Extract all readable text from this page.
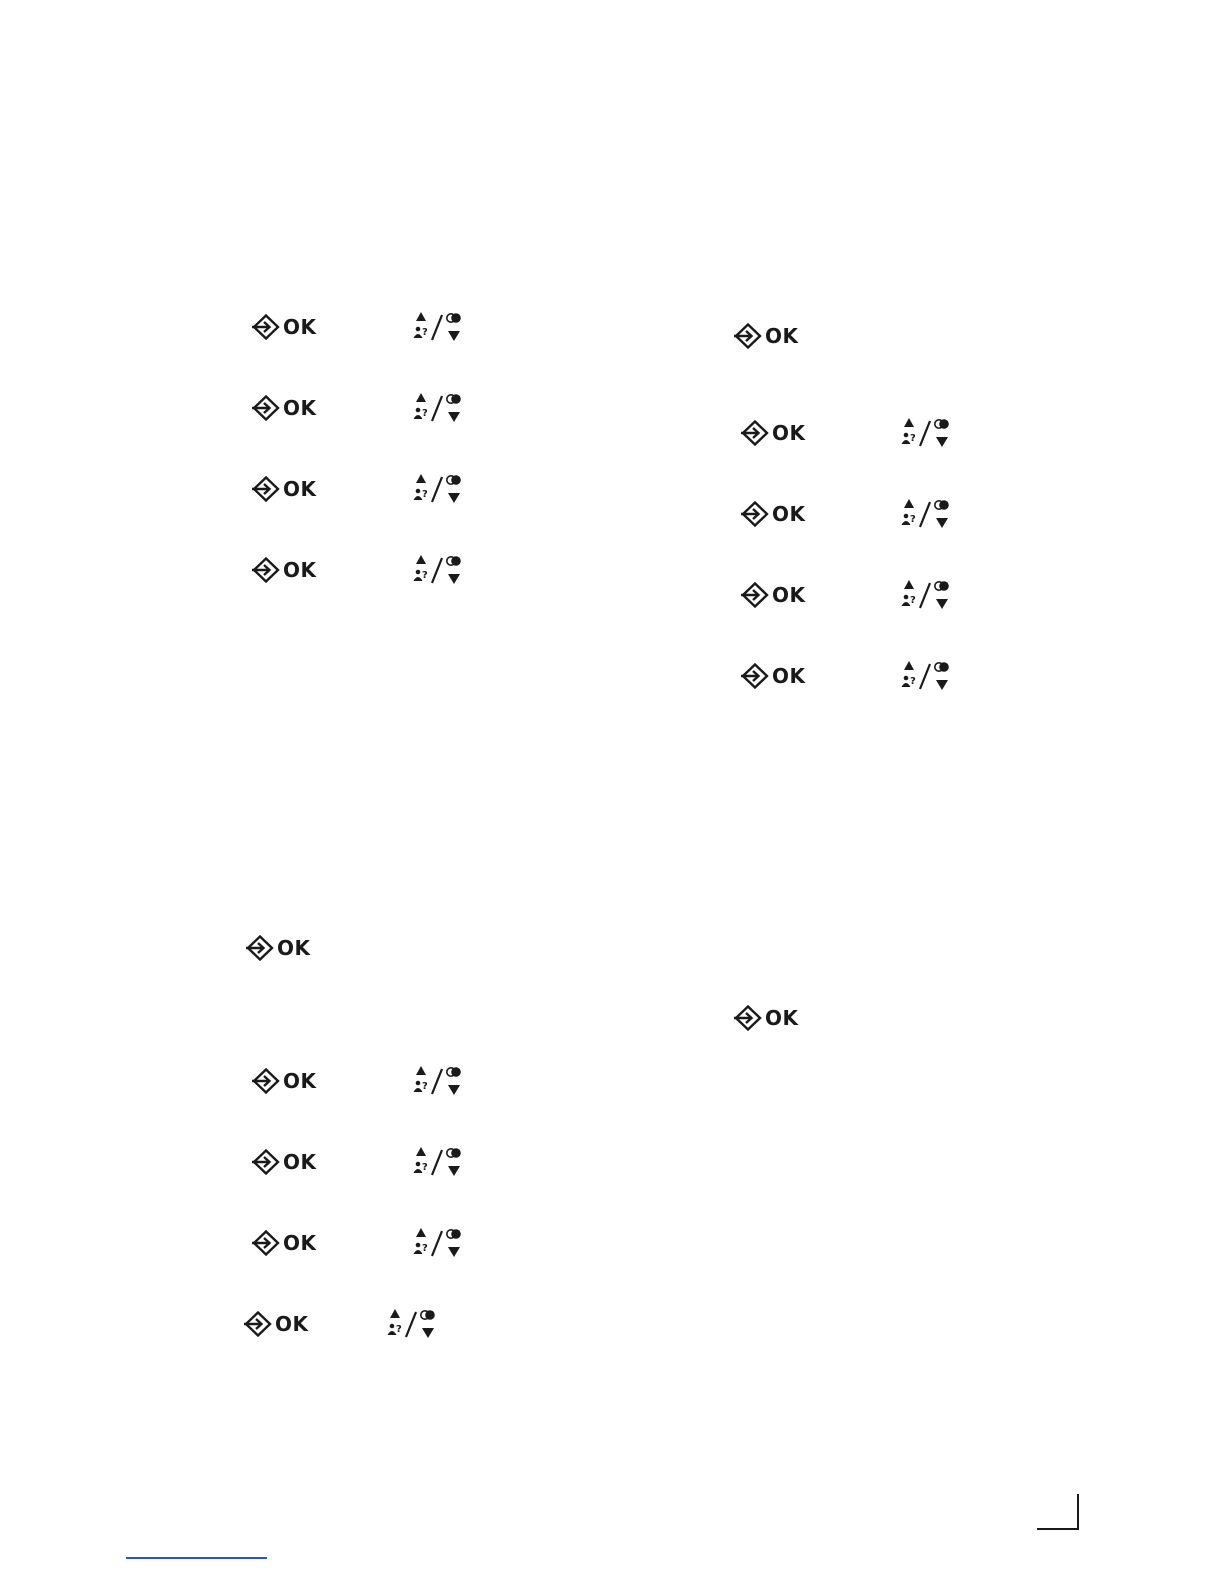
OK
OK
OK
OK
OK
OK
OK
OK
OK
OK
OK
OK
OK
OK
OK
?
?
?
?
?
?
?
?
?
?
?
?
